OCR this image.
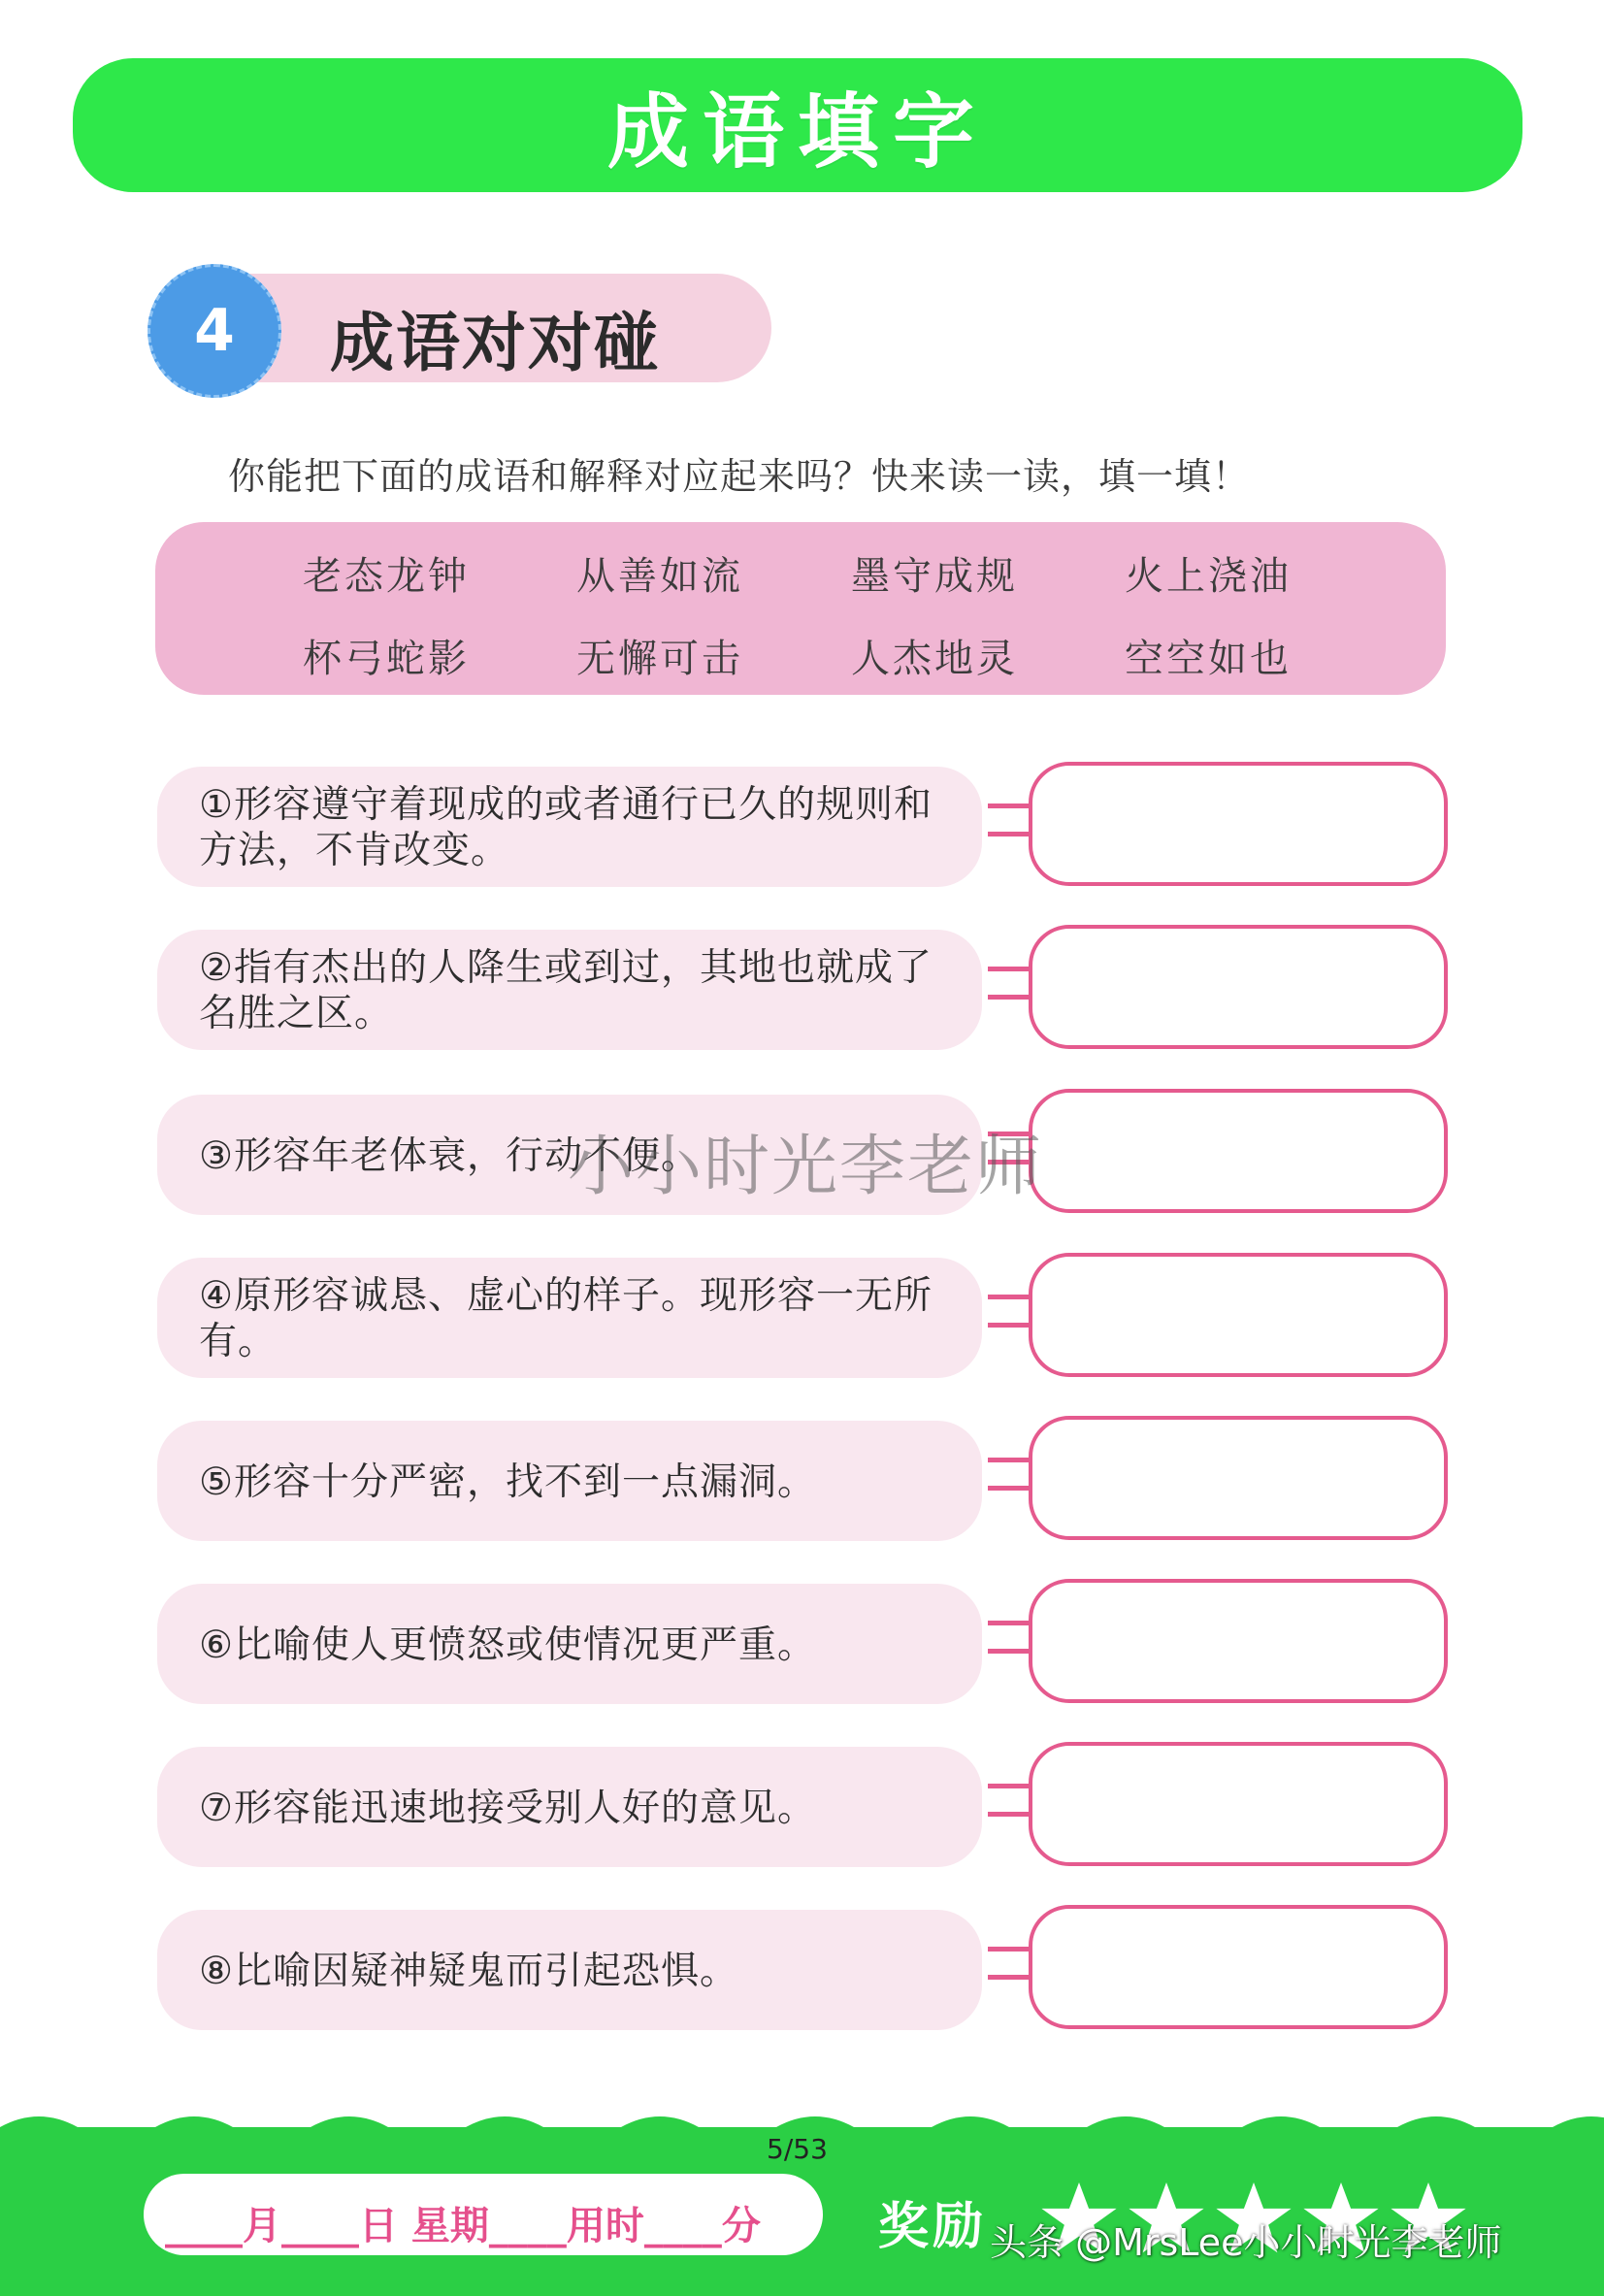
成语填字
4	成语对对碰
你能把下面的成语和解释对应起来吗？快来读一读，填一填！
老态龙钟	从善如流	墨守成规	火上浇油
杯弓蛇影	无懈可击	人杰地灵	空空如也
①形容遵守着现成的或者通行已久的规则和方法，不肯改变。
②指有杰出的人降生或到过，其地也就成了名胜之区。
③形容年老体衰，行动不便。
④原形容诚恳、虚心的样子。现形容一无所有。
⑤形容十分严密，找不到一点漏洞。
⑥比喻使人更愤怒或使情况更严重。
⑦形容能迅速地接受别人好的意见。
⑧比喻因疑神疑鬼而引起恐惧。
小小时光李老师
5/53
____月____日 星期____用时____分 奖励 头条 @MrsLee小小时光李老师
